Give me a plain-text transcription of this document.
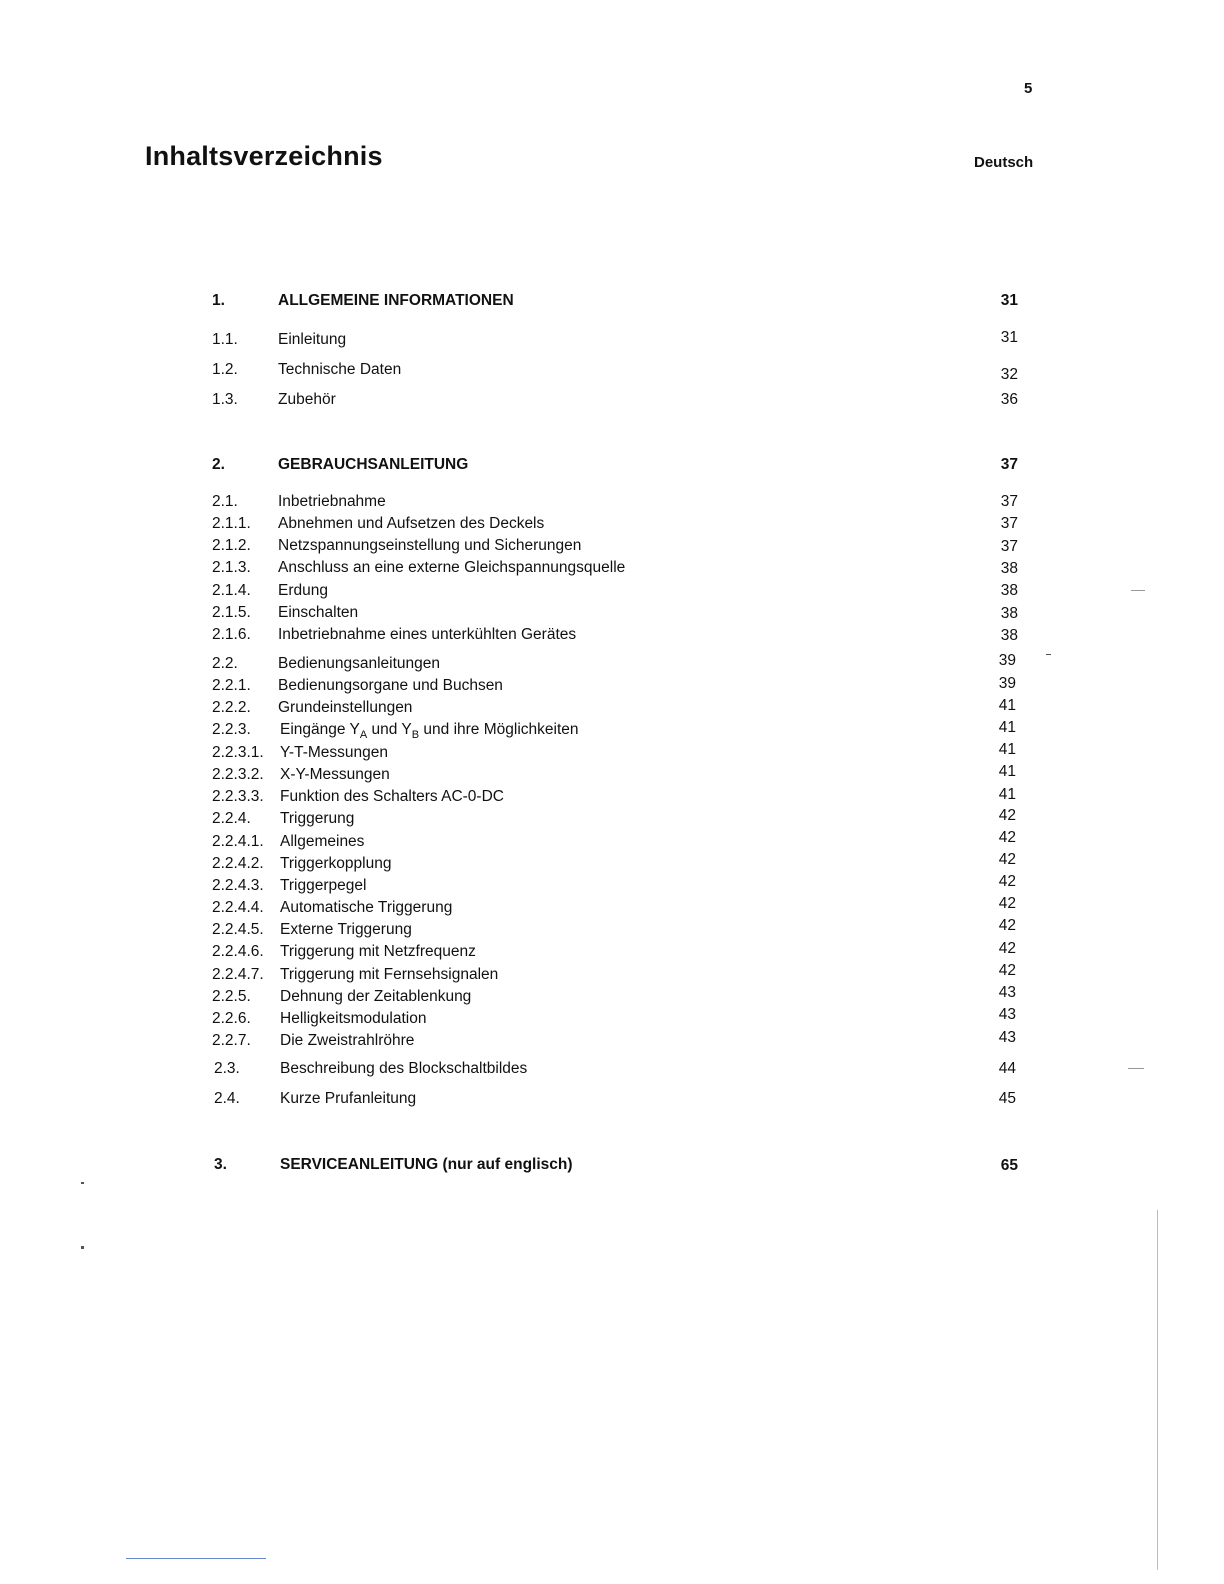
5
Inhaltsverzeichnis	Deutsch
1.	ALLGEMEINE INFORMATIONEN	31
1.1.	Einleitung	31
1.2.	Technische Daten	32
1.3.	Zubehör	36
2.	GEBRAUCHSANLEITUNG	37
2.1.	Inbetriebnahme	37
2.1.1. Abnehmen und Aufsetzen des Deckels	37
2.1.2. Netzspannungseinstellung und Sicherungen	37
2.1.3. Anschluss an eine externe Gleichspannungsquelle	38
2.1.4. Erdung	38
2.1.5. Einschalten	38
2.1.6. Inbetriebnahme eines unterkühlten Gerätes	38
2.2.	Bedienungsanleitungen	39
2.2.1. Bedienungsorgane und Buchsen	39
2.2.2. Grundeinstellungen	41
2.2.3. Eingänge $Y_A$ und $Y_B$ und ihre Möglichkeiten	41
2.2.3.1. Y-T-Messungen	41
2.2.3.2. X-Y-Messungen	41
2.2.3.3. Funktion des Schalters AC-0-DC	41
2.2.4. Triggerung	42
2.2.4.1. Allgemeines	42
2.2.4.2. Triggerkopplung	42
2.2.4.3. Triggerpegel	42
2.2.4.4. Automatische Triggerung	42
2.2.4.5. Externe Triggerung	42
2.2.4.6. Triggerung mit Netzfrequenz	42
2.2.4.7. Triggerung mit Fernsehsignalen	42
2.2.5. Dehnung der Zeitablenkung	43
2.2.6. Helligkeitsmodulation	43
2.2.7. Die Zweistrahlröhre	43
2.3.	Beschreibung des Blockschaltbildes	44
2.4.	Kurze Prufanleitung	45
3.	SERVICEANLEITUNG (nur auf englisch)	65
